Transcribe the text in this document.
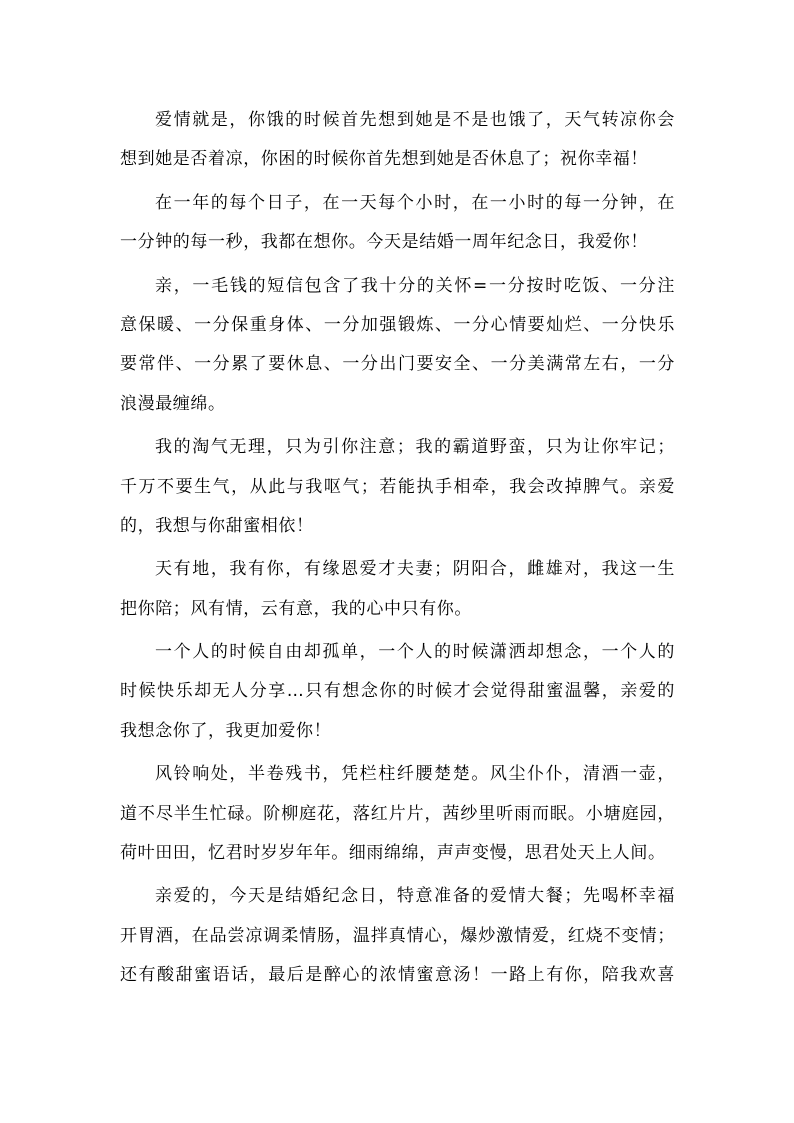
爱情就是，你饿的时候首先想到她是不是也饿了，天气转凉你会
想到她是否着凉，你困的时候你首先想到她是否休息了；祝你幸福！
在一年的每个日子，在一天每个小时，在一小时的每一分钟，在
一分钟的每一秒，我都在想你。今天是结婚一周年纪念日，我爱你！
亲，一毛钱的短信包含了我十分的关怀=一分按时吃饭、一分注
意保暖、一分保重身体、一分加强锻炼、一分心情要灿烂、一分快乐
要常伴、一分累了要休息、一分出门要安全、一分美满常左右，一分
浪漫最缠绵。
我的淘气无理，只为引你注意；我的霸道野蛮，只为让你牢记；
千万不要生气，从此与我呕气；若能执手相牵，我会改掉脾气。亲爱
的，我想与你甜蜜相依！
天有地，我有你，有缘恩爱才夫妻；阴阳合，雌雄对，我这一生
把你陪；风有情，云有意，我的心中只有你。
一个人的时候自由却孤单，一个人的时候潇洒却想念，一个人的
时候快乐却无人分享…只有想念你的时候才会觉得甜蜜温馨，亲爱的
我想念你了，我更加爱你！
风铃响处，半卷残书，凭栏柱纤腰楚楚。风尘仆仆，清酒一壶，
道不尽半生忙碌。阶柳庭花，落红片片，茜纱里听雨而眠。小塘庭园，
荷叶田田，忆君时岁岁年年。细雨绵绵，声声变慢，思君处天上人间。
亲爱的，今天是结婚纪念日，特意准备的爱情大餐；先喝杯幸福
开胃酒，在品尝凉调柔情肠，温拌真情心，爆炒激情爱，红烧不变情；
还有酸甜蜜语话，最后是醉心的浓情蜜意汤！一路上有你，陪我欢喜
